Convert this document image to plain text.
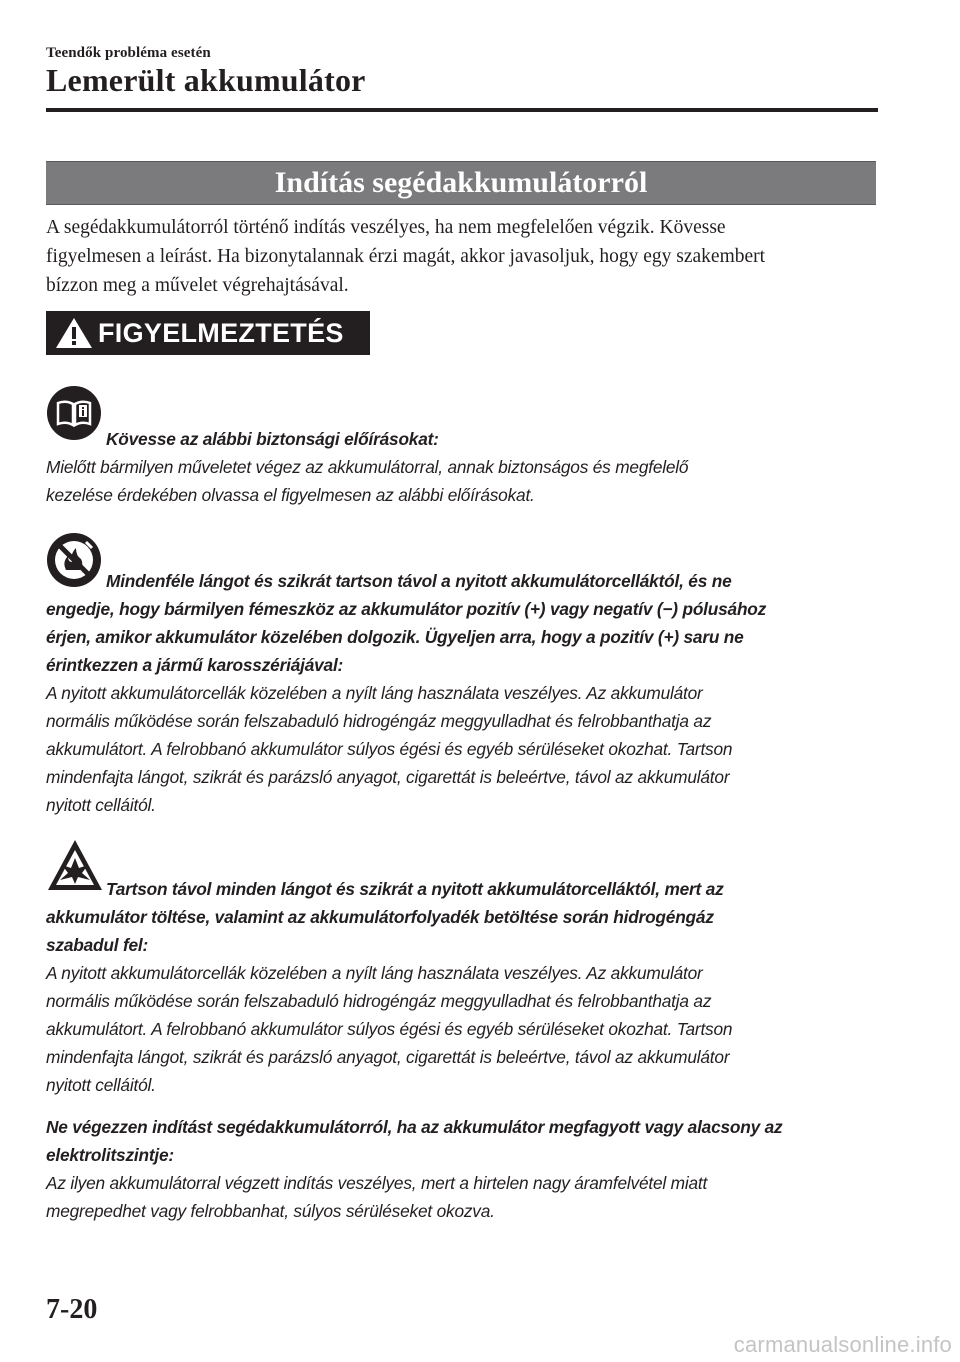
Teendők probléma esetén
Lemerült akkumulátor
Indítás segédakkumulátorról
A segédakkumulátorról történő indítás veszélyes, ha nem megfelelően végzik. Kövesse
figyelmesen a leírást. Ha bizonytalannak érzi magát, akkor javasoljuk, hogy egy szakembert
bízzon meg a művelet végrehajtásával.
FIGYELMEZTETÉS
Kövesse az alábbi biztonsági előírásokat:
Mielőtt bármilyen műveletet végez az akkumulátorral, annak biztonságos és megfelelő
kezelése érdekében olvassa el figyelmesen az alábbi előírásokat.
Mindenféle lángot és szikrát tartson távol a nyitott akkumulátorcelláktól, és ne
engedje, hogy bármilyen fémeszköz az akkumulátor pozitív (+) vagy negatív (−) pólusához
érjen, amikor akkumulátor közelében dolgozik. Ügyeljen arra, hogy a pozitív (+) saru ne
érintkezzen a jármű karosszériájával:
A nyitott akkumulátorcellák közelében a nyílt láng használata veszélyes. Az akkumulátor
normális működése során felszabaduló hidrogéngáz meggyulladhat és felrobbanthatja az
akkumulátort. A felrobbanó akkumulátor súlyos égési és egyéb sérüléseket okozhat. Tartson
mindenfajta lángot, szikrát és parázsló anyagot, cigarettát is beleértve, távol az akkumulátor
nyitott celláitól.
Tartson távol minden lángot és szikrát a nyitott akkumulátorcelláktól, mert az
akkumulátor töltése, valamint az akkumulátorfolyadék betöltése során hidrogéngáz
szabadul fel:
A nyitott akkumulátorcellák közelében a nyílt láng használata veszélyes. Az akkumulátor
normális működése során felszabaduló hidrogéngáz meggyulladhat és felrobbanthatja az
akkumulátort. A felrobbanó akkumulátor súlyos égési és egyéb sérüléseket okozhat. Tartson
mindenfajta lángot, szikrát és parázsló anyagot, cigarettát is beleértve, távol az akkumulátor
nyitott celláitól.
Ne végezzen indítást segédakkumulátorról, ha az akkumulátor megfagyott vagy alacsony az
elektrolitszintje:
Az ilyen akkumulátorral végzett indítás veszélyes, mert a hirtelen nagy áramfelvétel miatt
megrepedhet vagy felrobbanhat, súlyos sérüléseket okozva.
7-20
carmanualsonline.info
